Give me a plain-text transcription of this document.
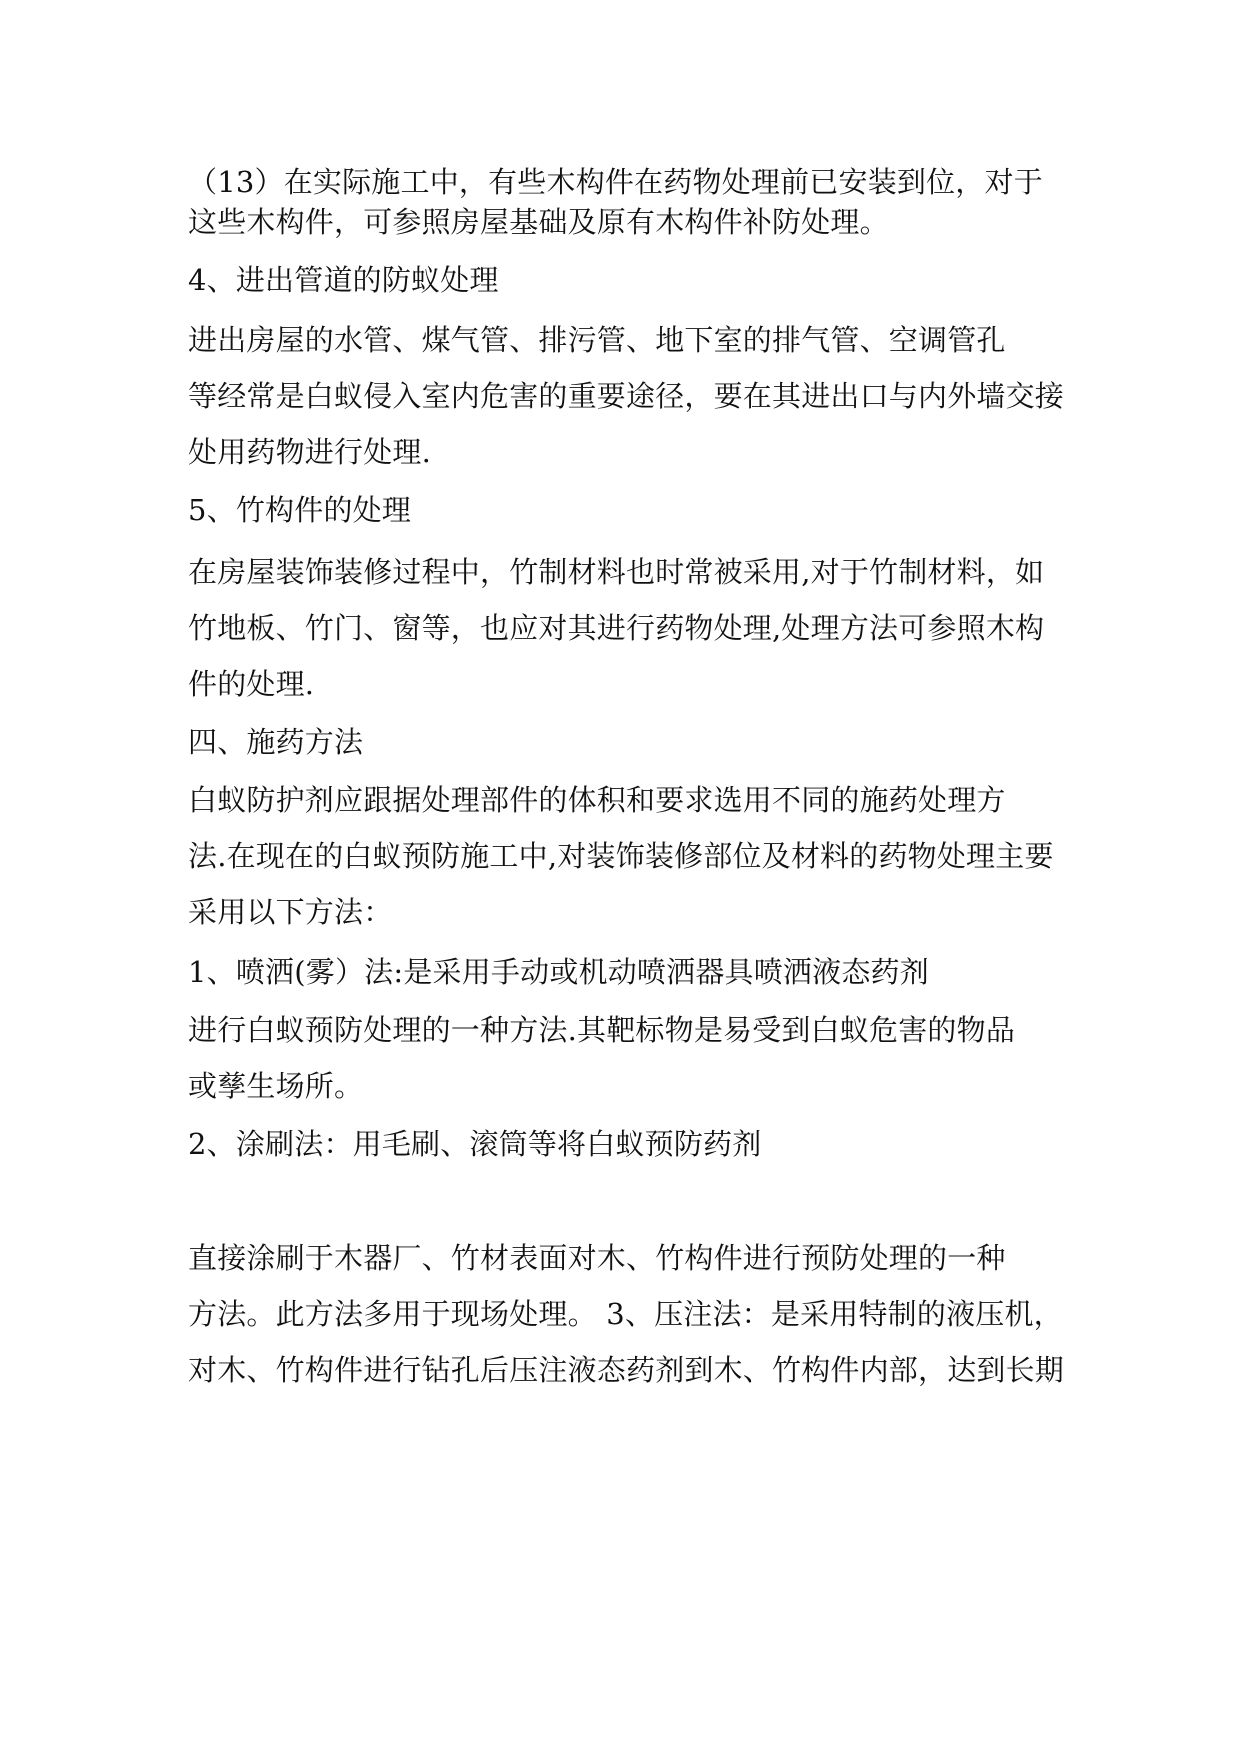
（13）在实际施工中，有些木构件在药物处理前已安装到位，对于
这些木构件，可参照房屋基础及原有木构件补防处理。
4、进出管道的防蚁处理
进出房屋的水管、煤气管、排污管、地下室的排气管、空调管孔
等经常是白蚁侵入室内危害的重要途径，要在其进出口与内外墙交接
处用药物进行处理.
5、竹构件的处理
在房屋装饰装修过程中，竹制材料也时常被采用,对于竹制材料，如
竹地板、竹门、窗等，也应对其进行药物处理,处理方法可参照木构
件的处理.
四、施药方法
白蚁防护剂应跟据处理部件的体积和要求选用不同的施药处理方
法.在现在的白蚁预防施工中,对装饰装修部位及材料的药物处理主要
采用以下方法：
1、喷洒(雾）法:是采用手动或机动喷洒器具喷洒液态药剂
进行白蚁预防处理的一种方法.其靶标物是易受到白蚁危害的物品
或孳生场所。
2、涂刷法：用毛刷、滚筒等将白蚁预防药剂
直接涂刷于木器厂、竹材表面对木、竹构件进行预防处理的一种
方法。此方法多用于现场处理。 3、压注法：是采用特制的液压机，
对木、竹构件进行钻孔后压注液态药剂到木、竹构件内部，达到长期
